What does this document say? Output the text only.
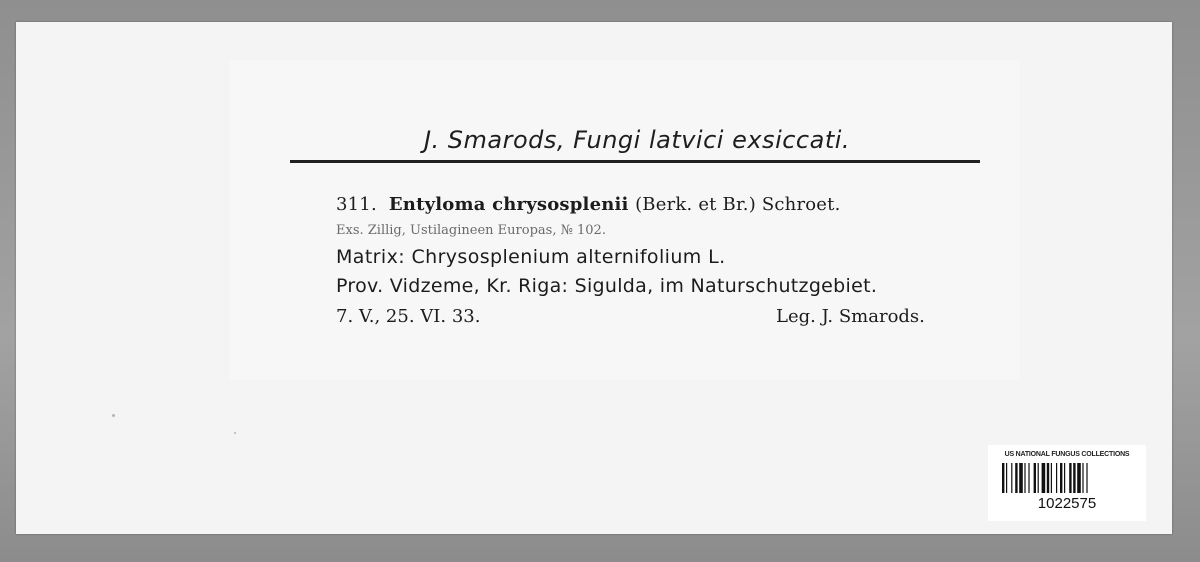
J. Smarods, Fungi latvici exsiccati.
311. Entyloma chrysosplenii (Berk. et Br.) Schroet.
Exs. Zillig, Ustilagineen Europas, № 102.
Matrix: Chrysosplenium alternifolium L.
Prov. Vidzeme, Kr. Riga: Sigulda, im Naturschutzgebiet.
7. V., 25. VI. 33.	Leg. J. Smarods.
US NATIONAL FUNGUS COLLECTIONS
1022575
